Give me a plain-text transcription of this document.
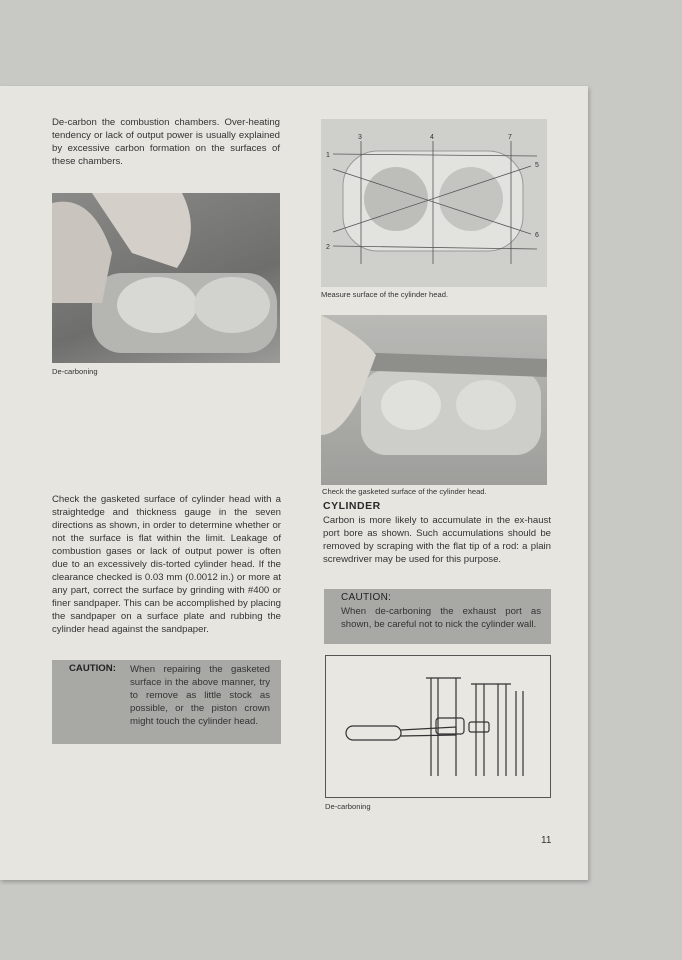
De-carbon the combustion chambers. Over-heating tendency or lack of output power is usually explained by excessive carbon formation on the surfaces of these chambers.
De-carboning
Check the gasketed surface of cylinder head with a straightedge and thickness gauge in the seven directions as shown, in order to determine whether or not the surface is flat within the limit. Leakage of combustion gases or lack of output power is often due to an excessively dis-torted cylinder head. If the clearance checked is 0.03 mm (0.0012 in.) or more at any part, correct the surface by grinding with #400 or finer sandpaper. This can be accomplished by placing the sandpaper on a surface plate and rubbing the cylinder head against the sandpaper.
CAUTION: When repairing the gasketed surface in the above manner, try to remove as little stock as possible, or the piston crown might touch the cylinder head.
1
2
3	4
5
6
7
Measure surface of the cylinder head.
Check the gasketed surface of the cylinder head.
CYLINDER
Carbon is more likely to accumulate in the ex-haust port bore as shown. Such accumulations should be removed by scraping with the flat tip of a rod: a plain screwdriver may be used for this purpose.
CAUTION:
When de-carboning the exhaust port as shown, be careful not to nick the cylinder wall.
De-carboning
11
